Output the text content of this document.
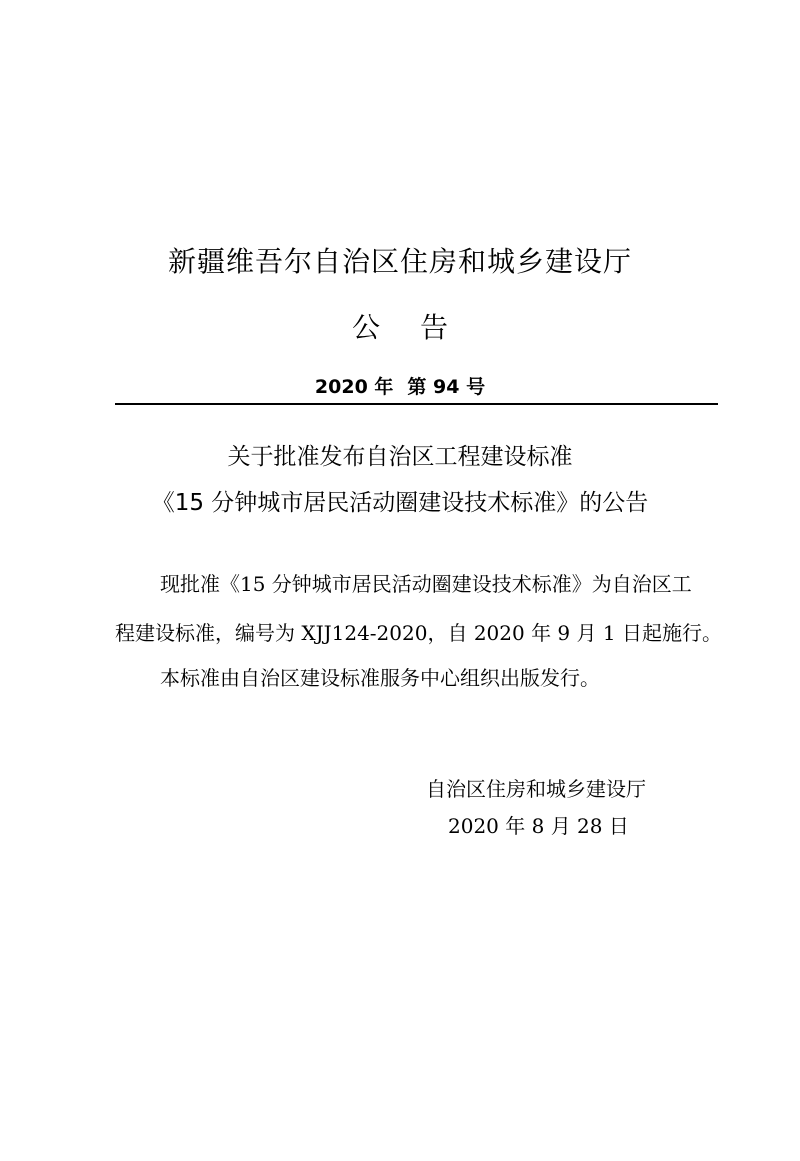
新疆维吾尔自治区住房和城乡建设厅
公告
2020 年 第 94 号
关于批准发布自治区工程建设标准
《15 分钟城市居民活动圈建设技术标准》的公告
现批准《15 分钟城市居民活动圈建设技术标准》为自治区工
程建设标准，编号为 XJJ124-2020，自 2020 年 9 月 1 日起施行。
本标准由自治区建设标准服务中心组织出版发行。
自治区住房和城乡建设厅
2020 年 8 月 28 日
